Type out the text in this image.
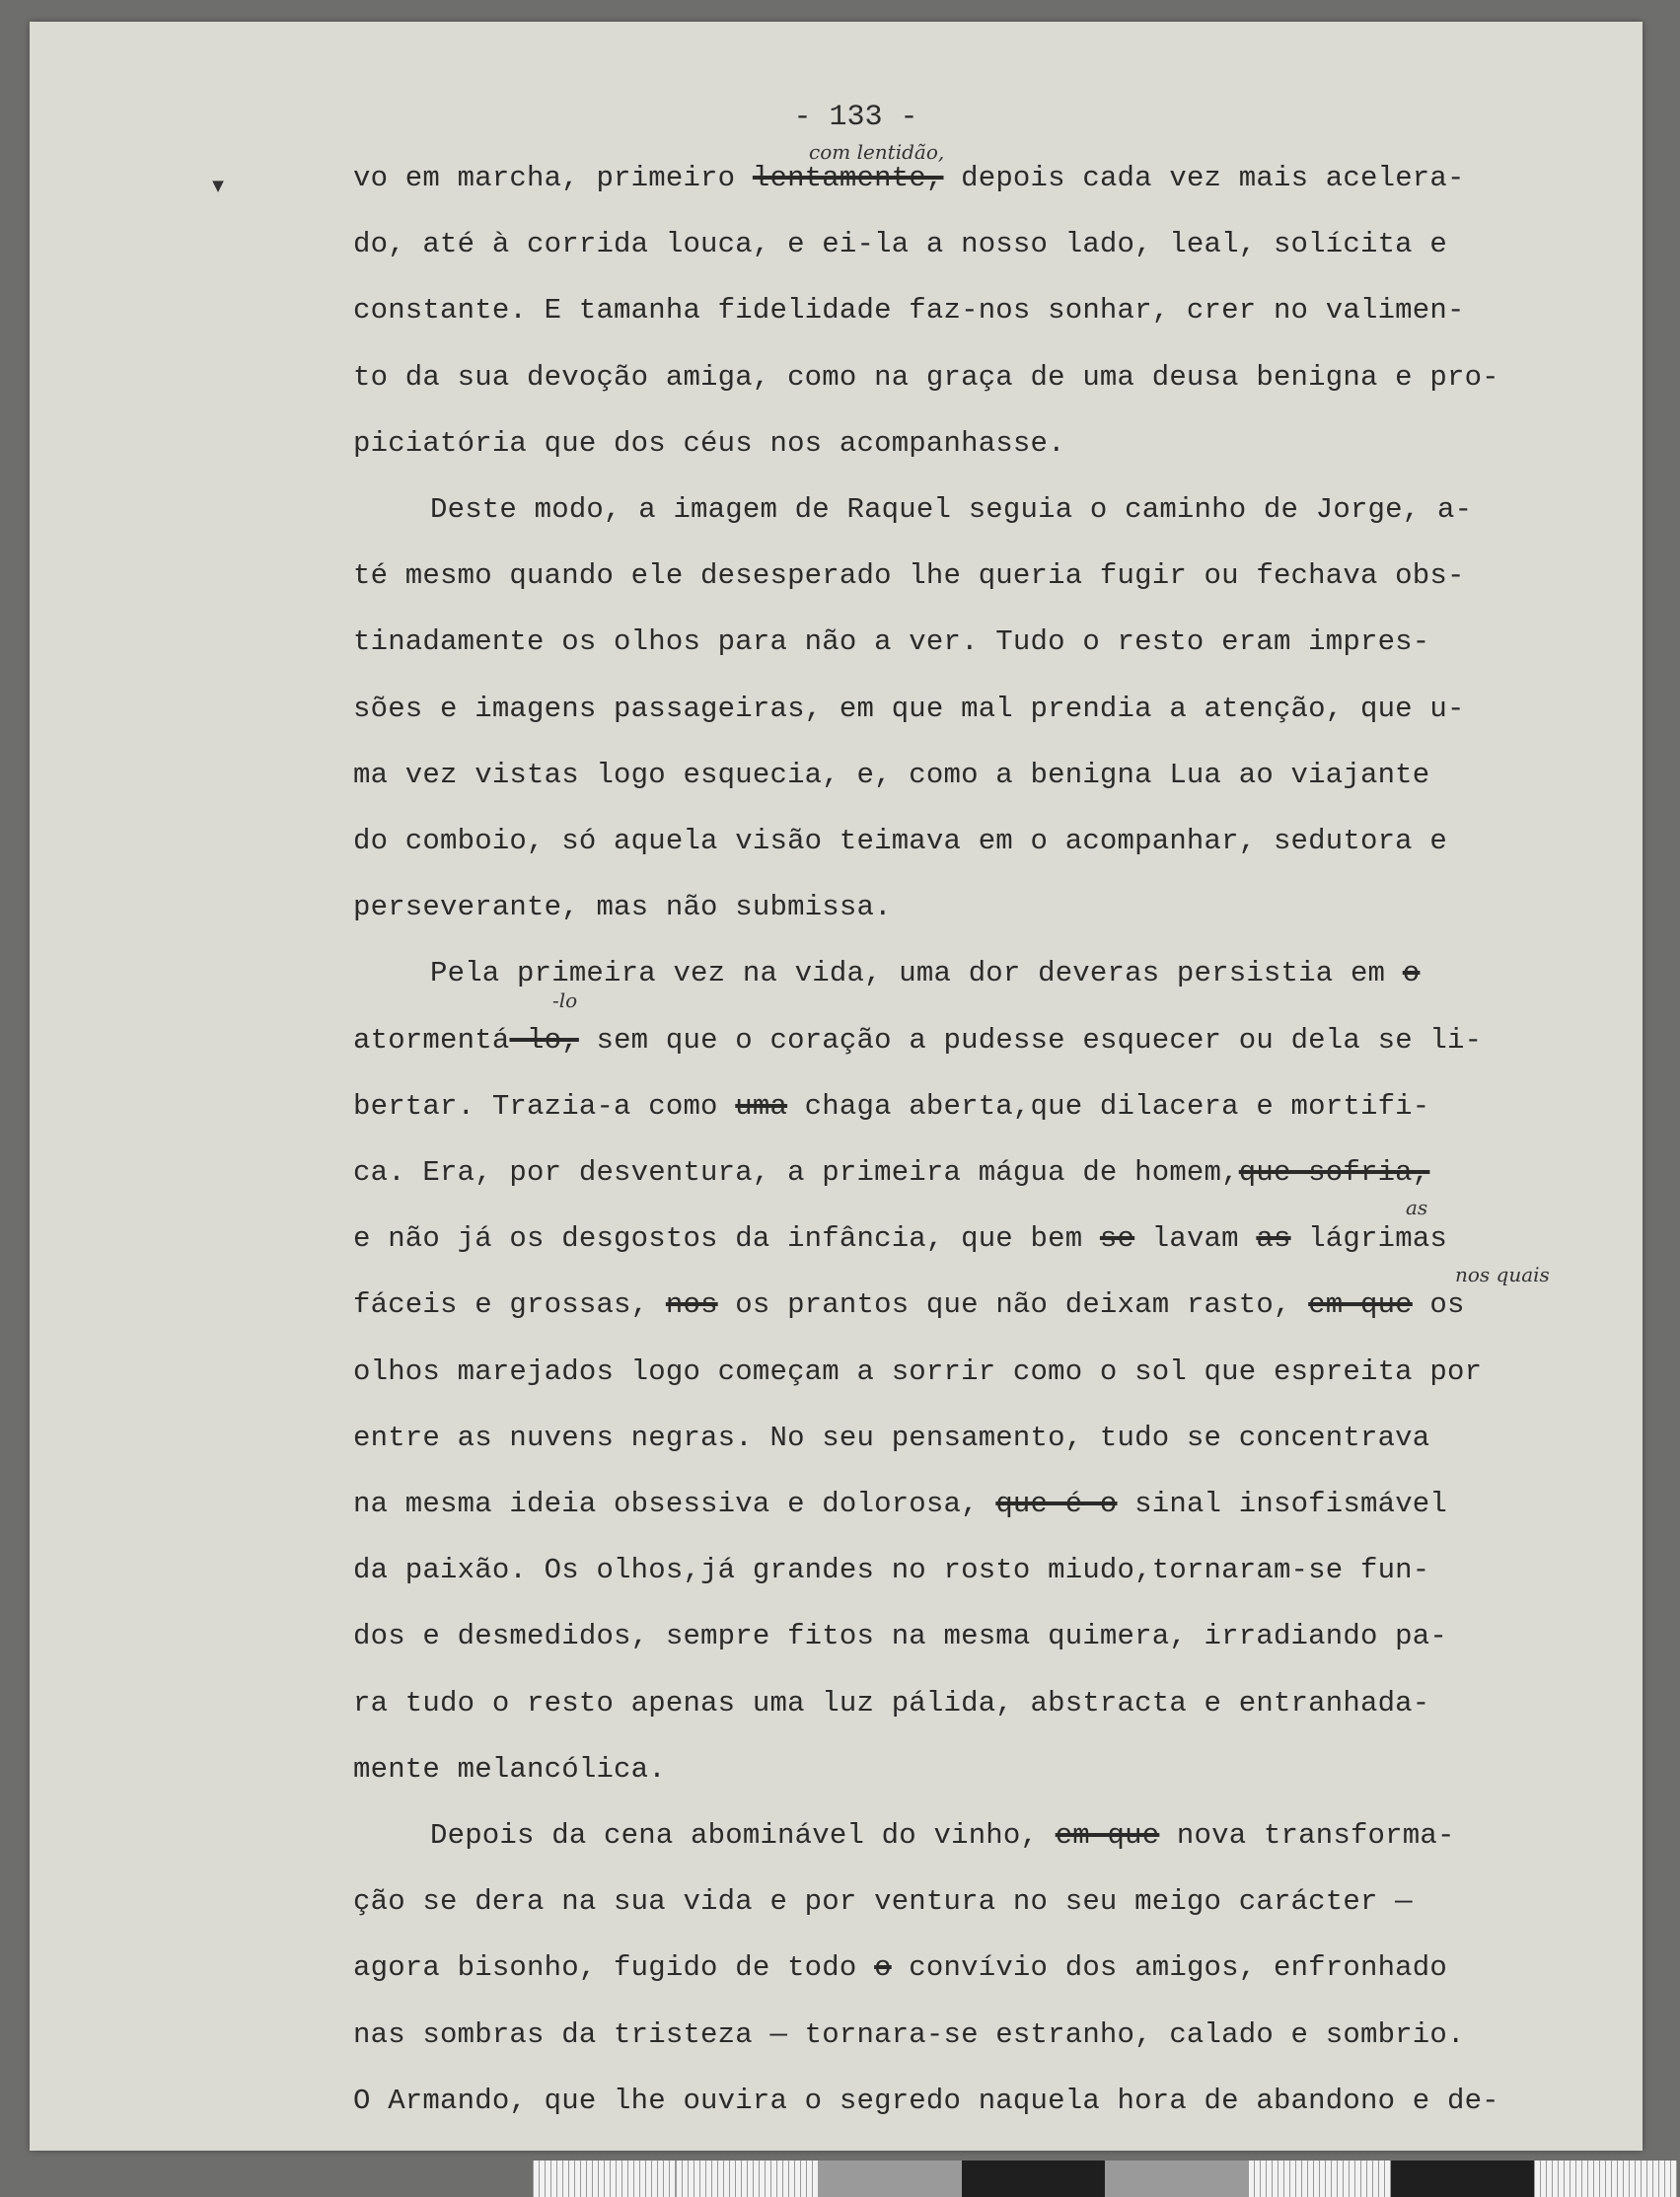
- 133 -
▾
com lentidão,
-lo
as
nos quais
vo em marcha, primeiro lentamente, depois cada vez mais acelera-
do, até à corrida louca, e ei-la a nosso lado, leal, solícita e
constante. E tamanha fidelidade faz-nos sonhar, crer no valimen-
to da sua devoção amiga, como na graça de uma deusa benigna e pro-
piciatória que dos céus nos acompanhasse.
Deste modo, a imagem de Raquel seguia o caminho de Jorge, a-
té mesmo quando ele desesperado lhe queria fugir ou fechava obs-
tinadamente os olhos para não a ver. Tudo o resto eram impres-
sões e imagens passageiras, em que mal prendia a atenção, que u-
ma vez vistas logo esquecia, e, como a benigna Lua ao viajante
do comboio, só aquela visão teimava em o acompanhar, sedutora e
perseverante, mas não submissa.
Pela primeira vez na vida, uma dor deveras persistia em o
atormentá-lo, sem que o coração a pudesse esquecer ou dela se li-
bertar. Trazia-a como uma chaga aberta,que dilacera e mortifi-
ca. Era, por desventura, a primeira mágua de homem,que sofria,
e não já os desgostos da infância, que bem se lavam as lágrimas
fáceis e grossas, nos os prantos que não deixam rasto, em que os
olhos marejados logo começam a sorrir como o sol que espreita por
entre as nuvens negras. No seu pensamento, tudo se concentrava
na mesma ideia obsessiva e dolorosa, que é o sinal insofismável
da paixão. Os olhos,já grandes no rosto miudo,tornaram-se fun-
dos e desmedidos, sempre fitos na mesma quimera, irradiando pa-
ra tudo o resto apenas uma luz pálida, abstracta e entranhada-
mente melancólica.
Depois da cena abominável do vinho, em que nova transforma-
ção se dera na sua vida e por ventura no seu meigo carácter —
agora bisonho, fugido de todo o convívio dos amigos, enfronhado
nas sombras da tristeza — tornara-se estranho, calado e sombrio.
O Armando, que lhe ouvira o segredo naquela hora de abandono e de-
